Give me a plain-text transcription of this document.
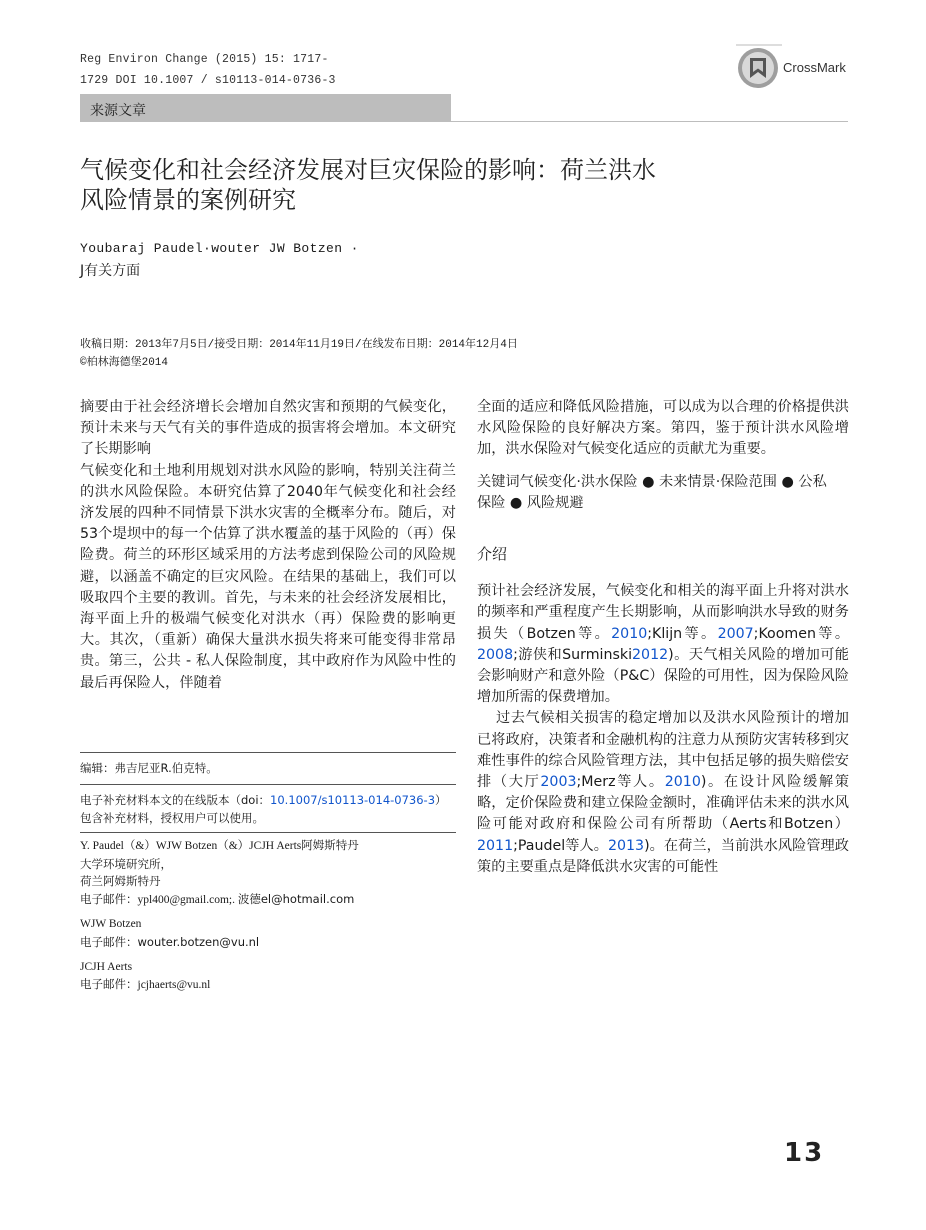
Reg Environ Change (2015) 15: 1717-
1729 DOI 10.1007 / s10113-014-0736-3
CrossMark
来源文章
气候变化和社会经济发展对巨灾保险的影响：荷兰洪水
风险情景的案例研究
Youbaraj Paudel·wouter JW Botzen ·
J有关方面
收稿日期：2013年7月5日/接受日期：2014年11月19日/在线发布日期：2014年12月4日
©柏林海德堡2014

摘要由于社会经济增长会增加自然灾害和预期的气候变化，预计未来与天气有关的事件造成的损害将会增加。本文研究了长期影响

气候变化和土地利用规划对洪水风险的影响，特别关注荷兰的洪水风险保险。本研究估算了2040年气候变化和社会经济发展的四种不同情景下洪水灾害的全概率分布。随后，对53个堤坝中的每一个估算了洪水覆盖的基于风险的（再）保险费。荷兰的环形区域采用的方法考虑到保险公司的风险规避，以涵盖不确定的巨灾风险。在结果的基础上，我们可以吸取四个主要的教训。首先，与未来的社会经济发展相比，海平面上升的极端气候变化对洪水（再）保险费的影响更大。其次，（重新）确保大量洪水损失将来可能变得非常昂贵。第三，公共 - 私人保险制度，其中政府作为风险中性的最后再保险人，伴随着

全面的适应和降低风险措施，可以成为以合理的价格提供洪水风险保险的良好解决方案。第四，鉴于预计洪水风险增加，洪水保险对气候变化适应的贡献尤为重要。

关键词气候变化·洪水保险 ● 未来情景·保险范围 ● 公私
保险 ● 风险规避

介绍

预计社会经济发展，气候变化和相关的海平面上升将对洪水的频率和严重程度产生长期影响，从而影响洪水导致的财务损失（Botzen等。2010;Klijn等。2007;Koomen等。2008;游侠和Surminski2012)。天气相关风险的增加可能会影响财产和意外险（P&C）保险的可用性，因为保险风险增加所需的保费增加。

过去气候相关损害的稳定增加以及洪水风险预计的增加已将政府，决策者和金融机构的注意力从预防灾害转移到灾难性事件的综合风险管理方法，其中包括足够的损失赔偿安排（大厅2003;Merz等人。2010)。在设计风险缓解策略，定价保险费和建立保险金额时，准确评估未来的洪水风险可能对政府和保险公司有所帮助（Aerts和Botzen）2011;Paudel等人。2013)。在荷兰，当前洪水风险管理政策的主要重点是降低洪水灾害的可能性

编辑：弗吉尼亚R.伯克特。
电子补充材料本文的在线版本（doi：10.1007/s10113-014-0736-3）包含补充材料，授权用户可以使用。
Y. Paudel（&）WJW Botzen（&）JCJH Aerts阿姆斯特丹
大学环境研究所，
荷兰阿姆斯特丹
电子邮件：ypl400@gmail.com;. 波德el@hotmail.com
WJW Botzen
电子邮件：wouter.botzen@vu.nl
JCJH Aerts
电子邮件：jcjhaerts@vu.nl
13
